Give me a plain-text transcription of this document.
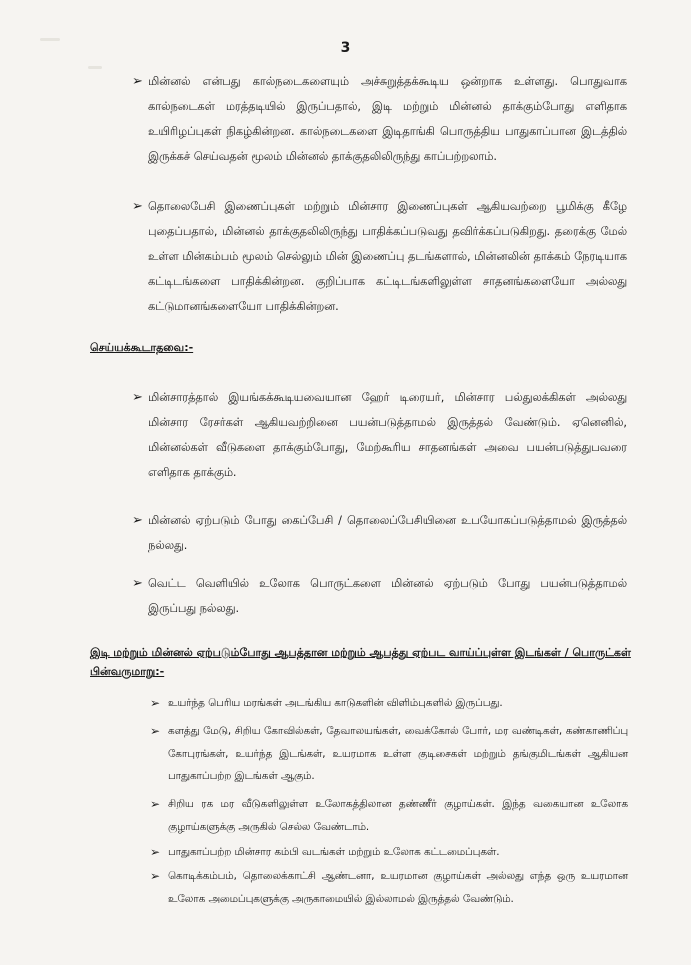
3
➢ மின்னல் என்பது கால்நடைகளையும் அச்சுறுத்தக்கூடிய ஒன்றாக உள்ளது. பொதுவாக கால்நடைகள் மரத்தடியில் இருப்பதால், இடி மற்றும் மின்னல் தாக்கும்போது எளிதாக உயிரிழப்புகள் நிகழ்கின்றன. கால்நடைகளை இடிதாங்கி பொருத்திய பாதுகாப்பான இடத்தில் இருக்கச் செய்வதன் மூலம் மின்னல் தாக்குதலிலிருந்து காப்பற்றலாம்.
➢ தொலைபேசி இணைப்புகள் மற்றும் மின்சார இணைப்புகள் ஆகியவற்றை பூமிக்கு கீழே புதைப்பதால், மின்னல் தாக்குதலிலிருந்து பாதிக்கப்படுவது தவிர்க்கப்படுகிறது. தரைக்கு மேல் உள்ள மின்கம்பம் மூலம் செல்லும் மின் இணைப்பு தடங்களால், மின்னலின் தாக்கம் நேரடியாக கட்டிடங்களை பாதிக்கின்றன. குறிப்பாக கட்டிடங்களிலுள்ள சாதனங்களையோ அல்லது கட்டுமானங்களையோ பாதிக்கின்றன.
செய்யக்கூடாதவை:-
➢ மின்சாரத்தால் இயங்கக்கூடியவையான ஹேர் டிரையர், மின்சார பல்துலக்கிகள் அல்லது மின்சார ரேசர்கள் ஆகியவற்றினை பயன்படுத்தாமல் இருத்தல் வேண்டும். ஏனெனில், மின்னல்கள் வீடுகளை தாக்கும்போது, மேற்கூரிய சாதனங்கள் அவை பயன்படுத்துபவரை எளிதாக தாக்கும்.
➢ மின்னல் ஏற்படும் போது கைப்பேசி / தொலைப்பேசியினை உபயோகப்படுத்தாமல் இருத்தல் நல்லது.
➢ வெட்ட வெளியில் உலோக பொருட்களை மின்னல் ஏற்படும் போது பயன்படுத்தாமல் இருப்பது நல்லது.
இடி மற்றும் மின்னல் ஏற்படும்போது ஆபத்தான மற்றும் ஆபத்து ஏற்பட வாய்ப்புள்ள இடங்கள் / பொருட்கள் பின்வருமாறு:-
➢ உயர்ந்த பெரிய மரங்கள் அடங்கிய காடுகளின் விளிம்புகளில் இருப்பது.
➢ களத்து மேடு, சிறிய கோவில்கள், தேவாலயங்கள், வைக்கோல் போர், மர வண்டிகள், கண்காணிப்பு கோபுரங்கள், உயர்ந்த இடங்கள், உயரமாக உள்ள குடிசைகள் மற்றும் தங்குமிடங்கள் ஆகியன பாதுகாப்பற்ற இடங்கள் ஆகும்.
➢ சிறிய ரக மர வீடுகளிலுள்ள உலோகத்திலான தண்ணீர் குழாய்கள். இந்த வகையான உலோக குழாய்களுக்கு அருகில் செல்ல வேண்டாம்.
➢ பாதுகாப்பற்ற மின்சார கம்பி வடங்கள் மற்றும் உலோக கட்டமைப்புகள்.
➢ கொடிக்கம்பம், தொலைக்காட்சி ஆண்டனா, உயரமான குழாய்கள் அல்லது எந்த ஒரு உயரமான உலோக அமைப்புகளுக்கு அருகாமையில் இல்லாமல் இருத்தல் வேண்டும்.
